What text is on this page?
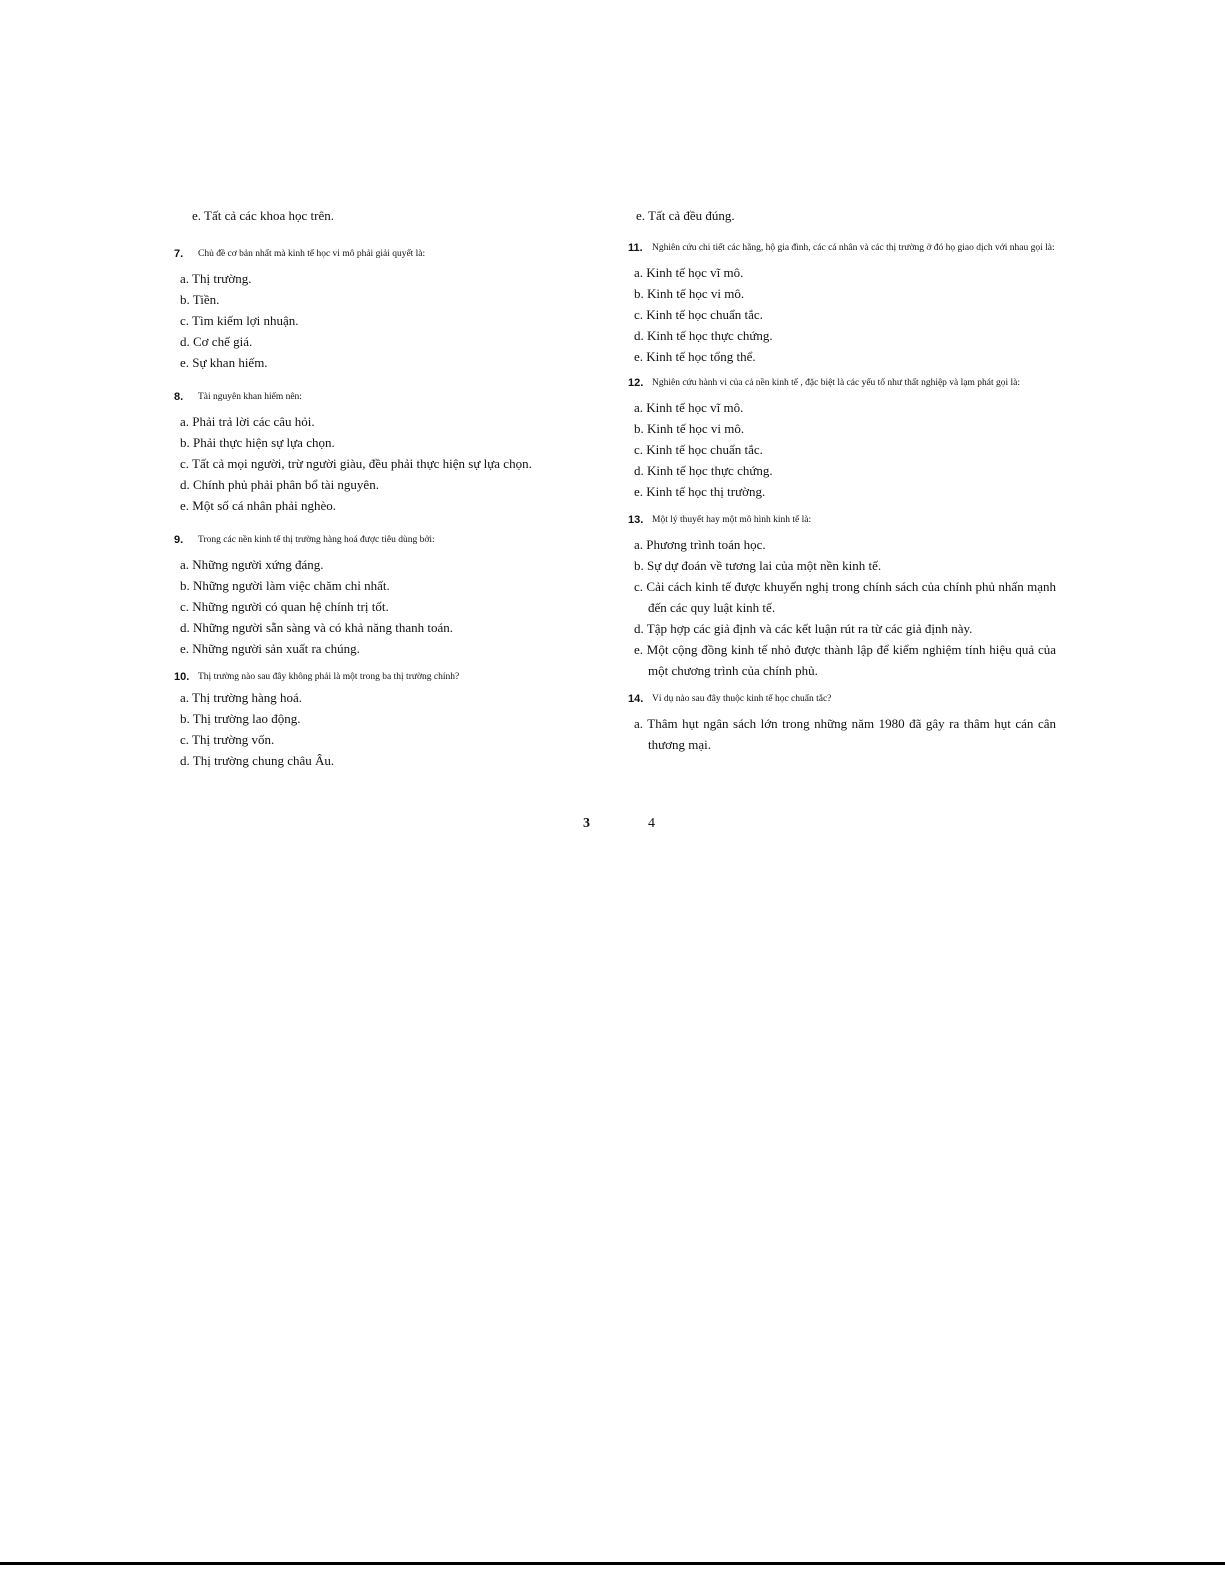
e. Tất cả các khoa học trên.
7.	Chủ đề cơ bản nhất mà kinh tế học vi mô phải giải quyết là:
a. Thị trường.
b. Tiền.
c. Tìm kiếm lợi nhuận.
d. Cơ chế giá.
e. Sự khan hiếm.
8.	Tài nguyên khan hiếm nên:
a. Phải trả lời các câu hỏi.
b. Phải thực hiện sự lựa chọn.
c. Tất cả mọi người, trừ người giàu, đều phải thực hiện sự lựa chọn.
d. Chính phủ phải phân bổ tài nguyên.
e. Một số cá nhân phải nghèo.
9.	Trong các nền kinh tế thị trường hàng hoá được tiêu dùng bởi:
a. Những người xứng đáng.
b. Những người làm việc chăm chỉ nhất.
c. Những người có quan hệ chính trị tốt.
d. Những người sẵn sàng và có khả năng thanh toán.
e. Những người sản xuất ra chúng.
10. Thị trường nào sau đây không phải là một trong ba thị trường chính?
a. Thị trường hàng hoá.
b. Thị trường lao động.
c. Thị trường vốn.
d. Thị trường chung châu Âu.
e. Tất cả đều đúng.
11. Nghiên cứu chi tiết các hãng, hộ gia đình, các cá nhân và các thị trường ở đó họ giao dịch với nhau gọi là:
a. Kinh tế học vĩ mô.
b. Kinh tế học vi mô.
c. Kinh tế học chuẩn tắc.
d. Kinh tế học thực chứng.
e. Kinh tế học tổng thể.
12. Nghiên cứu hành vi của cả nền kinh tế , đặc biệt là các yếu tố như thất nghiệp và lạm phát gọi là:
a. Kinh tế học vĩ mô.
b. Kinh tế học vi mô.
c. Kinh tế học chuẩn tắc.
d. Kinh tế học thực chứng.
e. Kinh tế học thị trường.
13. Một lý thuyết hay một mô hình kinh tế là:
a. Phương trình toán học.
b. Sự dự đoán về tương lai của một nền kinh tế.
c. Cải cách kinh tế được khuyến nghị trong chính sách của chính phủ nhấn mạnh đến các quy luật kinh tế.
d. Tập hợp các giả định và các kết luận rút ra từ các giả định này.
e. Một cộng đồng kinh tế nhỏ được thành lập để kiểm nghiệm tính hiệu quả của một chương trình của chính phủ.
14. Ví dụ nào sau đây thuộc kinh tế học chuẩn tắc?
a. Thâm hụt ngân sách lớn trong những năm 1980 đã gây ra thâm hụt cán cân thương mại.
3	4
